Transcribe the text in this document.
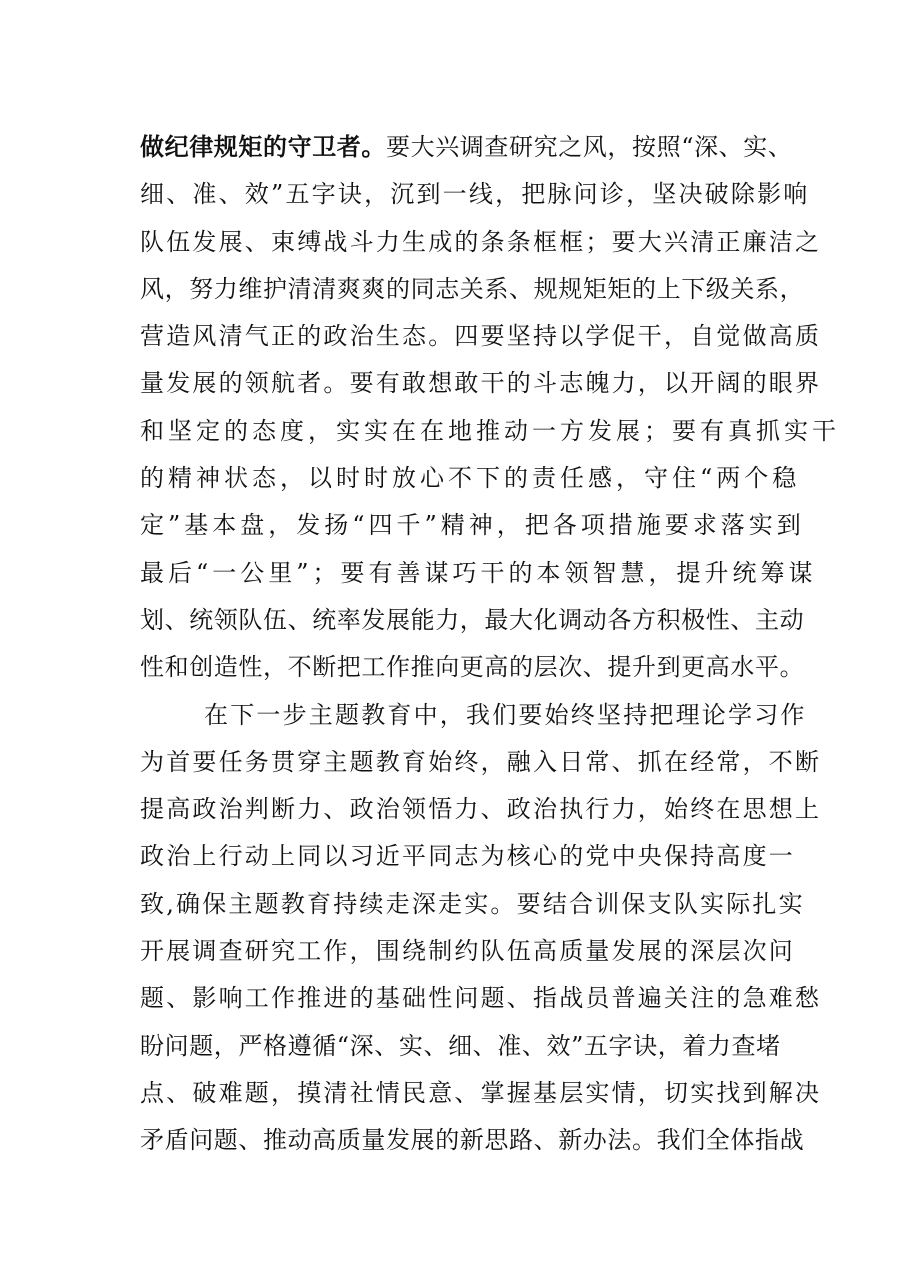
做纪律规矩的守卫者。要大兴调查研究之风，按照“深、实、
细、准、效”五字诀，沉到一线，把脉问诊，坚决破除影响
队伍发展、束缚战斗力生成的条条框框；要大兴清正廉洁之
风，努力维护清清爽爽的同志关系、规规矩矩的上下级关系，
营造风清气正的政治生态。四要坚持以学促干，自觉做高质
量发展的领航者。要有敢想敢干的斗志魄力，以开阔的眼界
和坚定的态度，实实在在地推动一方发展；要有真抓实干
的精神状态，以时时放心不下的责任感，守住“两个稳
定”基本盘，发扬“四千”精神，把各项措施要求落实到
最后“一公里”；要有善谋巧干的本领智慧，提升统筹谋
划、统领队伍、统率发展能力，最大化调动各方积极性、主动
性和创造性，不断把工作推向更高的层次、提升到更高水平。
在下一步主题教育中，我们要始终坚持把理论学习作
为首要任务贯穿主题教育始终，融入日常、抓在经常，不断
提高政治判断力、政治领悟力、政治执行力，始终在思想上
政治上行动上同以习近平同志为核心的党中央保持高度一
致,确保主题教育持续走深走实。要结合训保支队实际扎实
开展调查研究工作，围绕制约队伍高质量发展的深层次问
题、影响工作推进的基础性问题、指战员普遍关注的急难愁
盼问题，严格遵循“深、实、细、准、效”五字诀，着力查堵
点、破难题，摸清社情民意、掌握基层实情，切实找到解决
矛盾问题、推动高质量发展的新思路、新办法。我们全体指战
